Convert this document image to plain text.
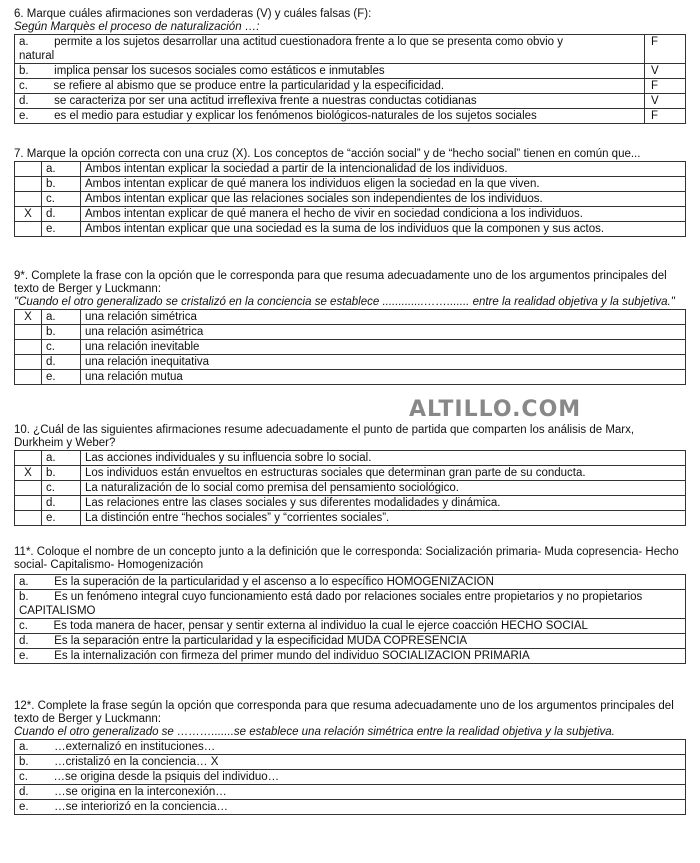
6. Marque cuáles afirmaciones son verdaderas (V) y cuáles falsas (F):
Según Marquès el proceso de naturalización …:
a. permite a los sujetos desarrollar una actitud cuestionadora frente a lo que se presenta como obvio y
natural	F
b. implica pensar los sucesos sociales como estáticos e inmutables	V
c. se refiere al abismo que se produce entre la particularidad y la especificidad.	F
d. se caracteriza por ser una actitud irreflexiva frente a nuestras conductas cotidianas	V
e. es el medio para estudiar y explicar los fenómenos biológicos-naturales de los sujetos sociales	F
7. Marque la opción correcta con una cruz (X). Los conceptos de “acción social” y de “hecho social” tienen en común que...
	a.	Ambos intentan explicar la sociedad a partir de la intencionalidad de los individuos.
	b.	Ambos intentan explicar de qué manera los individuos eligen la sociedad en la que viven.
	c.	Ambos intentan explicar que las relaciones sociales son independientes de los individuos.
X	d.	Ambos intentan explicar de qué manera el hecho de vivir en sociedad condiciona a los individuos.
	e.	Ambos intentan explicar que una sociedad es la suma de los individuos que la componen y sus actos.
9*. Complete la frase con la opción que le corresponda para que resuma adecuadamente uno de los argumentos principales del texto de Berger y Luckmann:
"Cuando el otro generalizado se cristalizó en la conciencia se establece .............……....... entre la realidad objetiva y la subjetiva."
X	a.	una relación simétrica
	b.	una relación asimétrica
	c.	una relación inevitable
	d.	una relación inequitativa
	e.	una relación mutua
ALTILLO.COM
10. ¿Cuál de las siguientes afirmaciones resume adecuadamente el punto de partida que comparten los análisis de Marx, Durkheim y Weber?
	a.	Las acciones individuales y su influencia sobre lo social.
X	b.	Los individuos están envueltos en estructuras sociales que determinan gran parte de su conducta.
	c.	La naturalización de lo social como premisa del pensamiento sociológico.
	d.	Las relaciones entre las clases sociales y sus diferentes modalidades y dinámica.
	e.	La distinción entre “hechos sociales” y “corrientes sociales”.
11*. Coloque el nombre de un concepto junto a la definición que le corresponda: Socialización primaria- Muda copresencia- Hecho social- Capitalismo- Homogenización
a. Es la superación de la particularidad y el ascenso a lo específico HOMOGENIZACION
b. Es un fenómeno integral cuyo funcionamiento está dado por relaciones sociales entre propietarios y no propietarios CAPITALISMO
c. Es toda manera de hacer, pensar y sentir externa al individuo la cual le ejerce coacción HECHO SOCIAL
d. Es la separación entre la particularidad y la especificidad MUDA COPRESENCIA
e. Es la internalización con firmeza del primer mundo del individuo SOCIALIZACION PRIMARIA
12*. Complete la frase según la opción que corresponda para que resuma adecuadamente uno de los argumentos principales del texto de Berger y Luckmann:
Cuando el otro generalizado se ……….......se establece una relación simétrica entre la realidad objetiva y la subjetiva.
a. …externalizó en instituciones…
b. …cristalizó en la conciencia… X
c. …se origina desde la psiquis del individuo…
d. …se origina en la interconexión…
e. …se interiorizó en la conciencia…
